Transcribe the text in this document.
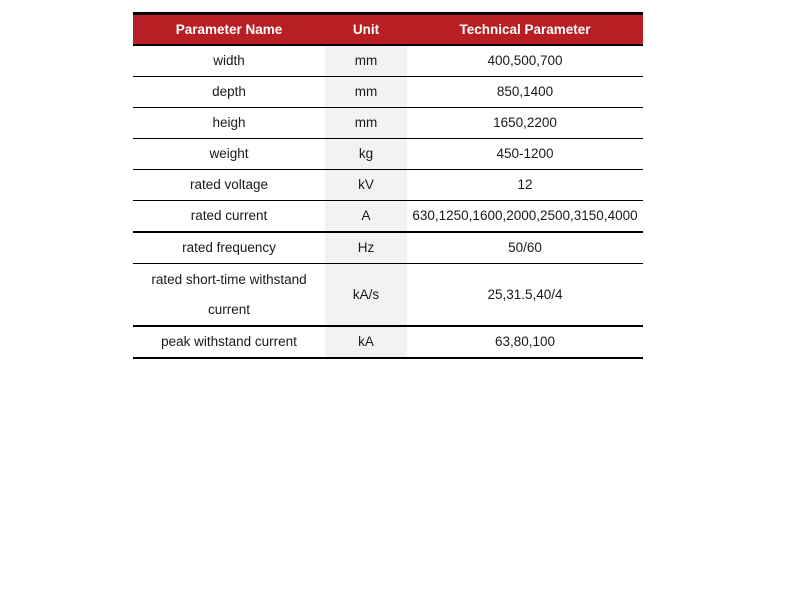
Parameter Name	Unit	Technical Parameter
width	mm	400,500,700
depth	mm	850,1400
heigh	mm	1650,2200
weight	kg	450-1200
rated voltage	kV	12
rated current	A	630,1250,1600,2000,2500,3150,4000
rated frequency	Hz	50/60
rated short-time withstand current	kA/s	25,31.5,40/4
peak withstand current	kA	63,80,100
